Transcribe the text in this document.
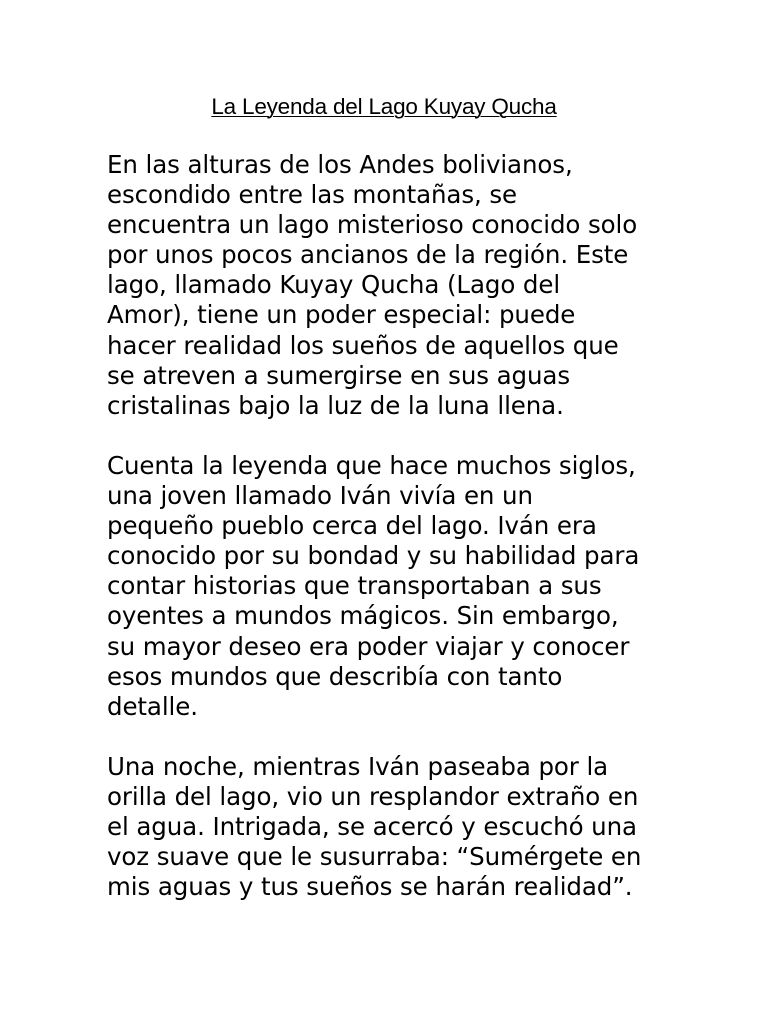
La Leyenda del Lago Kuyay Qucha

En las alturas de los Andes bolivianos,
escondido entre las montañas, se
encuentra un lago misterioso conocido solo
por unos pocos ancianos de la región. Este
lago, llamado Kuyay Qucha (Lago del
Amor), tiene un poder especial: puede
hacer realidad los sueños de aquellos que
se atreven a sumergirse en sus aguas
cristalinas bajo la luz de la luna llena.

Cuenta la leyenda que hace muchos siglos,
una joven llamado Iván vivía en un
pequeño pueblo cerca del lago. Iván era
conocido por su bondad y su habilidad para
contar historias que transportaban a sus
oyentes a mundos mágicos. Sin embargo,
su mayor deseo era poder viajar y conocer
esos mundos que describía con tanto
detalle.

Una noche, mientras Iván paseaba por la
orilla del lago, vio un resplandor extraño en
el agua. Intrigada, se acercó y escuchó una
voz suave que le susurraba: “Sumérgete en
mis aguas y tus sueños se harán realidad”.
